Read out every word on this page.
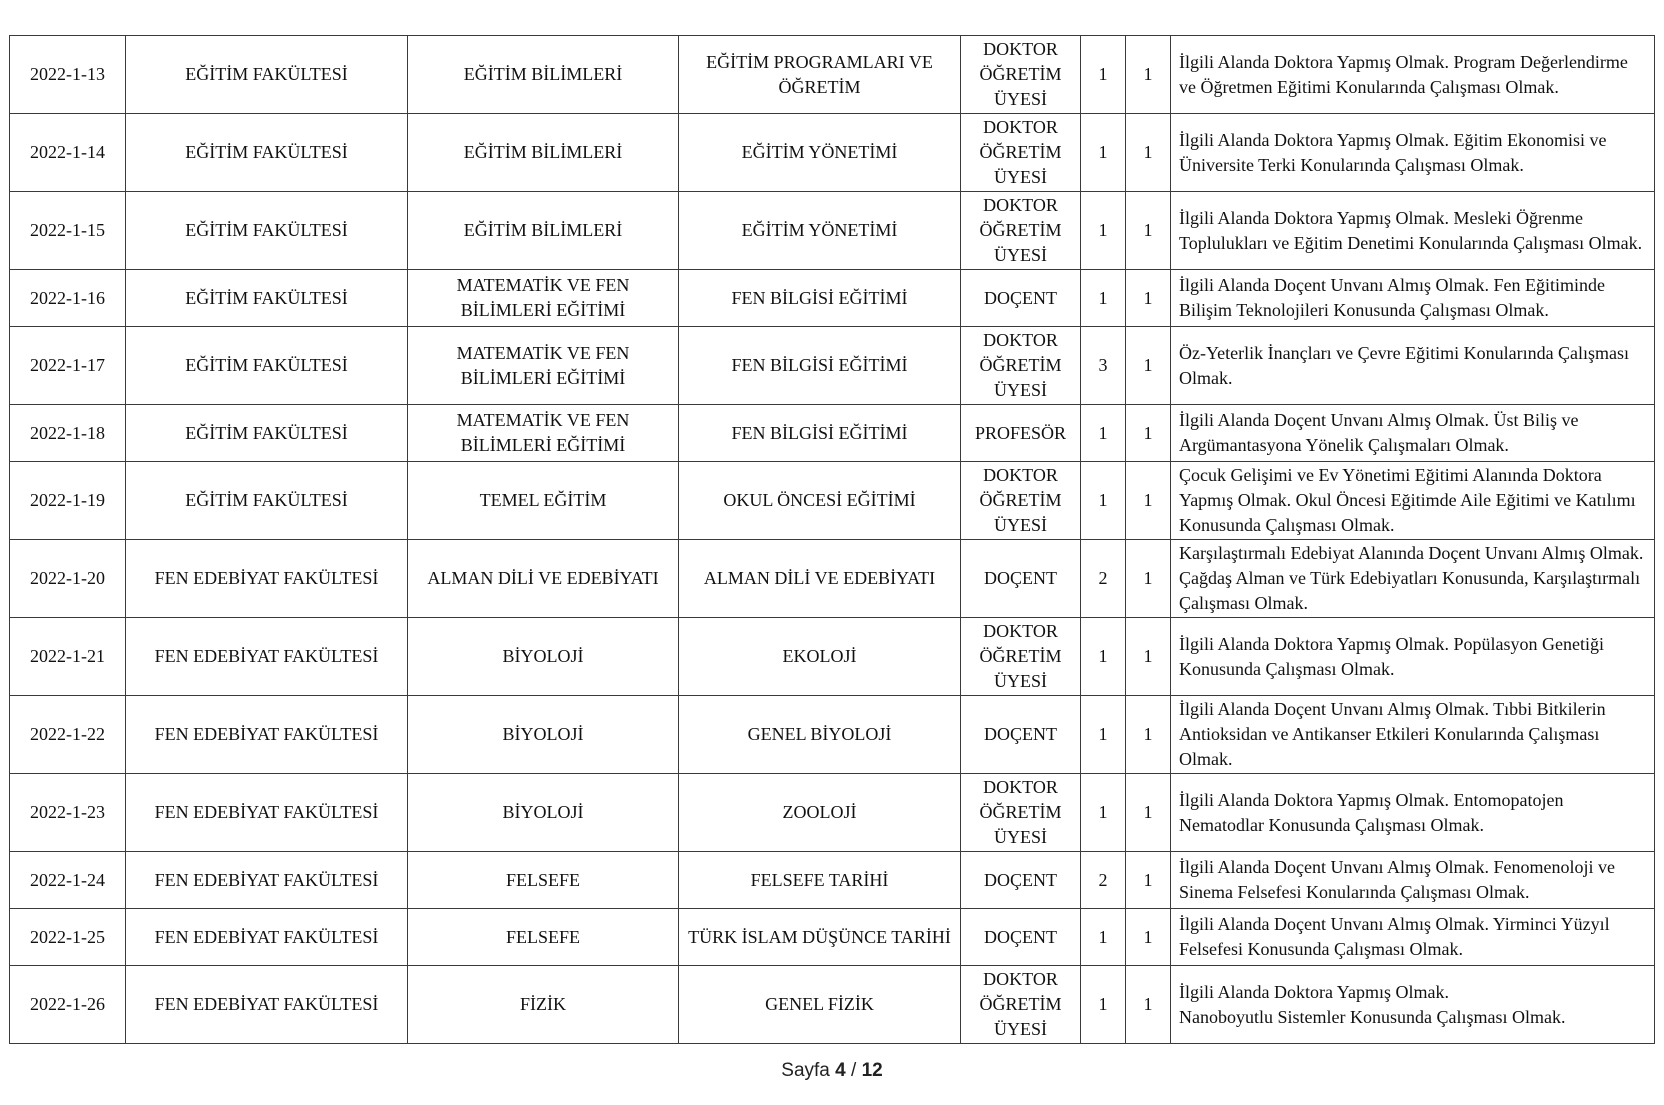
2022-1-13	EĞİTİM FAKÜLTESİ	EĞİTİM BİLİMLERİ	EĞİTİM PROGRAMLARI VE ÖĞRETİM	DOKTOR ÖĞRETİM ÜYESİ	1	1	İlgili Alanda Doktora Yapmış Olmak. Program Değerlendirme ve Öğretmen Eğitimi Konularında Çalışması Olmak.
2022-1-14	EĞİTİM FAKÜLTESİ	EĞİTİM BİLİMLERİ	EĞİTİM YÖNETİMİ	DOKTOR ÖĞRETİM ÜYESİ	1	1	İlgili Alanda Doktora Yapmış Olmak. Eğitim Ekonomisi ve Üniversite Terki Konularında Çalışması Olmak.
2022-1-15	EĞİTİM FAKÜLTESİ	EĞİTİM BİLİMLERİ	EĞİTİM YÖNETİMİ	DOKTOR ÖĞRETİM ÜYESİ	1	1	İlgili Alanda Doktora Yapmış Olmak. Mesleki Öğrenme Toplulukları ve Eğitim Denetimi Konularında Çalışması Olmak.
2022-1-16	EĞİTİM FAKÜLTESİ	MATEMATİK VE FEN BİLİMLERİ EĞİTİMİ	FEN BİLGİSİ EĞİTİMİ	DOÇENT	1	1	İlgili Alanda Doçent Unvanı Almış Olmak. Fen Eğitiminde Bilişim Teknolojileri Konusunda Çalışması Olmak.
2022-1-17	EĞİTİM FAKÜLTESİ	MATEMATİK VE FEN BİLİMLERİ EĞİTİMİ	FEN BİLGİSİ EĞİTİMİ	DOKTOR ÖĞRETİM ÜYESİ	3	1	Öz-Yeterlik İnançları ve Çevre Eğitimi Konularında Çalışması Olmak.
2022-1-18	EĞİTİM FAKÜLTESİ	MATEMATİK VE FEN BİLİMLERİ EĞİTİMİ	FEN BİLGİSİ EĞİTİMİ	PROFESÖR	1	1	İlgili Alanda Doçent Unvanı Almış Olmak. Üst Biliş ve Argümantasyona Yönelik Çalışmaları Olmak.
2022-1-19	EĞİTİM FAKÜLTESİ	TEMEL EĞİTİM	OKUL ÖNCESİ EĞİTİMİ	DOKTOR ÖĞRETİM ÜYESİ	1	1	Çocuk Gelişimi ve Ev Yönetimi Eğitimi Alanında Doktora Yapmış Olmak. Okul Öncesi Eğitimde Aile Eğitimi ve Katılımı Konusunda Çalışması Olmak.
2022-1-20	FEN EDEBİYAT FAKÜLTESİ	ALMAN DİLİ VE EDEBİYATI	ALMAN DİLİ VE EDEBİYATI	DOÇENT	2	1	Karşılaştırmalı Edebiyat Alanında Doçent Unvanı Almış Olmak. Çağdaş Alman ve Türk Edebiyatları Konusunda, Karşılaştırmalı Çalışması Olmak.
2022-1-21	FEN EDEBİYAT FAKÜLTESİ	BİYOLOJİ	EKOLOJİ	DOKTOR ÖĞRETİM ÜYESİ	1	1	İlgili Alanda Doktora Yapmış Olmak. Popülasyon Genetiği Konusunda Çalışması Olmak.
2022-1-22	FEN EDEBİYAT FAKÜLTESİ	BİYOLOJİ	GENEL BİYOLOJİ	DOÇENT	1	1	İlgili Alanda Doçent Unvanı Almış Olmak. Tıbbi Bitkilerin Antioksidan ve Antikanser Etkileri Konularında Çalışması Olmak.
2022-1-23	FEN EDEBİYAT FAKÜLTESİ	BİYOLOJİ	ZOOLOJİ	DOKTOR ÖĞRETİM ÜYESİ	1	1	İlgili Alanda Doktora Yapmış Olmak. Entomopatojen Nematodlar Konusunda Çalışması Olmak.
2022-1-24	FEN EDEBİYAT FAKÜLTESİ	FELSEFE	FELSEFE TARİHİ	DOÇENT	2	1	İlgili Alanda Doçent Unvanı Almış Olmak. Fenomenoloji ve Sinema Felsefesi Konularında Çalışması Olmak.
2022-1-25	FEN EDEBİYAT FAKÜLTESİ	FELSEFE	TÜRK İSLAM DÜŞÜNCE TARİHİ	DOÇENT	1	1	İlgili Alanda Doçent Unvanı Almış Olmak. Yirminci Yüzyıl Felsefesi Konusunda Çalışması Olmak.
2022-1-26	FEN EDEBİYAT FAKÜLTESİ	FİZİK	GENEL FİZİK	DOKTOR ÖĞRETİM ÜYESİ	1	1	İlgili Alanda Doktora Yapmış Olmak.
Nanoboyutlu Sistemler Konusunda Çalışması Olmak.
Sayfa 4 / 12
